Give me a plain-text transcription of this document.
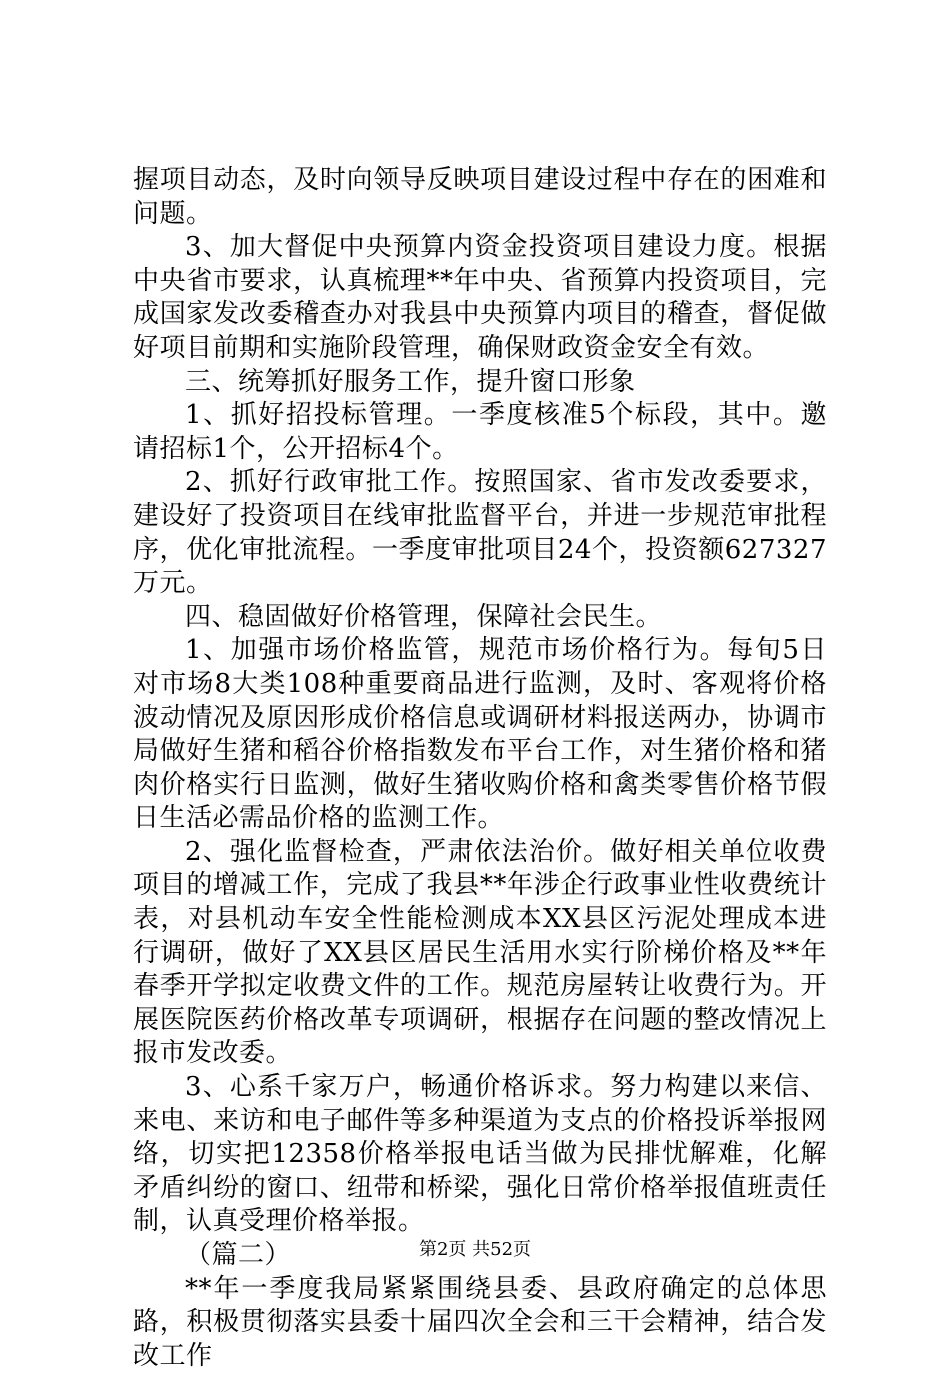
握项目动态，及时向领导反映项目建设过程中存在的困难和问题。

3、加大督促中央预算内资金投资项目建设力度。根据中央省市要求，认真梳理**年中央、省预算内投资项目，完成国家发改委稽查办对我县中央预算内项目的稽查，督促做好项目前期和实施阶段管理，确保财政资金安全有效。

三、统筹抓好服务工作，提升窗口形象

1、抓好招投标管理。一季度核准5个标段，其中。邀请招标1个，公开招标4个。

2、抓好行政审批工作。按照国家、省市发改委要求，建设好了投资项目在线审批监督平台，并进一步规范审批程序，优化审批流程。一季度审批项目24个，投资额627327万元。

四、稳固做好价格管理，保障社会民生。

1、加强市场价格监管，规范市场价格行为。每旬5日对市场8大类108种重要商品进行监测，及时、客观将价格波动情况及原因形成价格信息或调研材料报送两办，协调市局做好生猪和稻谷价格指数发布平台工作，对生猪价格和猪肉价格实行日监测，做好生猪收购价格和禽类零售价格节假日生活必需品价格的监测工作。

2、强化监督检查，严肃依法治价。做好相关单位收费项目的增减工作，完成了我县**年涉企行政事业性收费统计表，对县机动车安全性能检测成本XX县区污泥处理成本进行调研，做好了XX县区居民生活用水实行阶梯价格及**年春季开学拟定收费文件的工作。规范房屋转让收费行为。开展医院医药价格改革专项调研，根据存在问题的整改情况上报市发改委。

3、心系千家万户，畅通价格诉求。努力构建以来信、来电、来访和电子邮件等多种渠道为支点的价格投诉举报网络，切实把12358价格举报电话当做为民排忧解难，化解矛盾纠纷的窗口、纽带和桥梁，强化日常价格举报值班责任制，认真受理价格举报。

（篇二）

**年一季度我局紧紧围绕县委、县政府确定的总体思路，积极贯彻落实县委十届四次全会和三干会精神，结合发改工作

第2页 共52页
